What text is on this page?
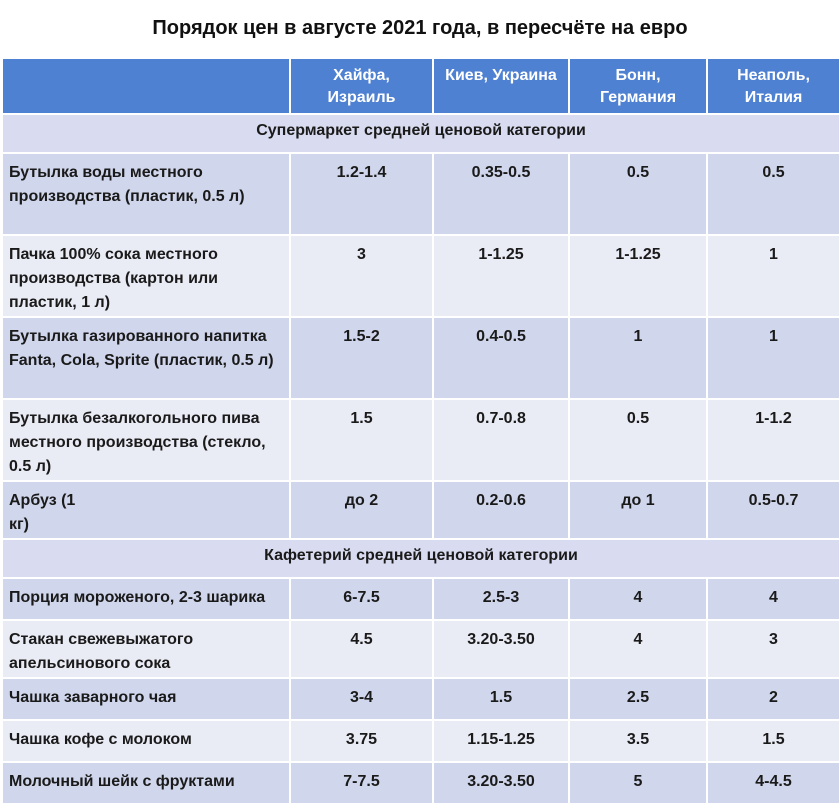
Порядок цен в августе 2021 года, в пересчёте на евро

	Хайфа, Израиль	Киев, Украина	Бонн, Германия	Неаполь, Италия

Супермаркет средней ценовой категории				
Бутылка воды местного производства (пластик, 0.5 л)	1.2-1.4	0.35-0.5	0.5	0.5
Пачка 100% сока местного производства (картон или пластик, 1 л)	3	1-1.25	1-1.25	1
Бутылка газированного напитка Fanta, Cola, Sprite (пластик, 0.5 л)	1.5-2	0.4-0.5	1	1
Бутылка безалкогольного пива местного производства (стекло, 0.5 л)	1.5	0.7-0.8	0.5	1-1.2
Арбуз (1 кг)	до 2	0.2-0.6	до 1	0.5-0.7
Кафетерий средней ценовой категории				
Порция мороженого, 2-3 шарика	6-7.5	2.5-3	4	4
Стакан свежевыжатого апельсинового сока	4.5	3.20-3.50	4	3
Чашка заварного чая	3-4	1.5	2.5	2
Чашка кофе с молоком	3.75	1.15-1.25	3.5	1.5
Молочный шейк с фруктами	7-7.5	3.20-3.50	5	4-4.5
